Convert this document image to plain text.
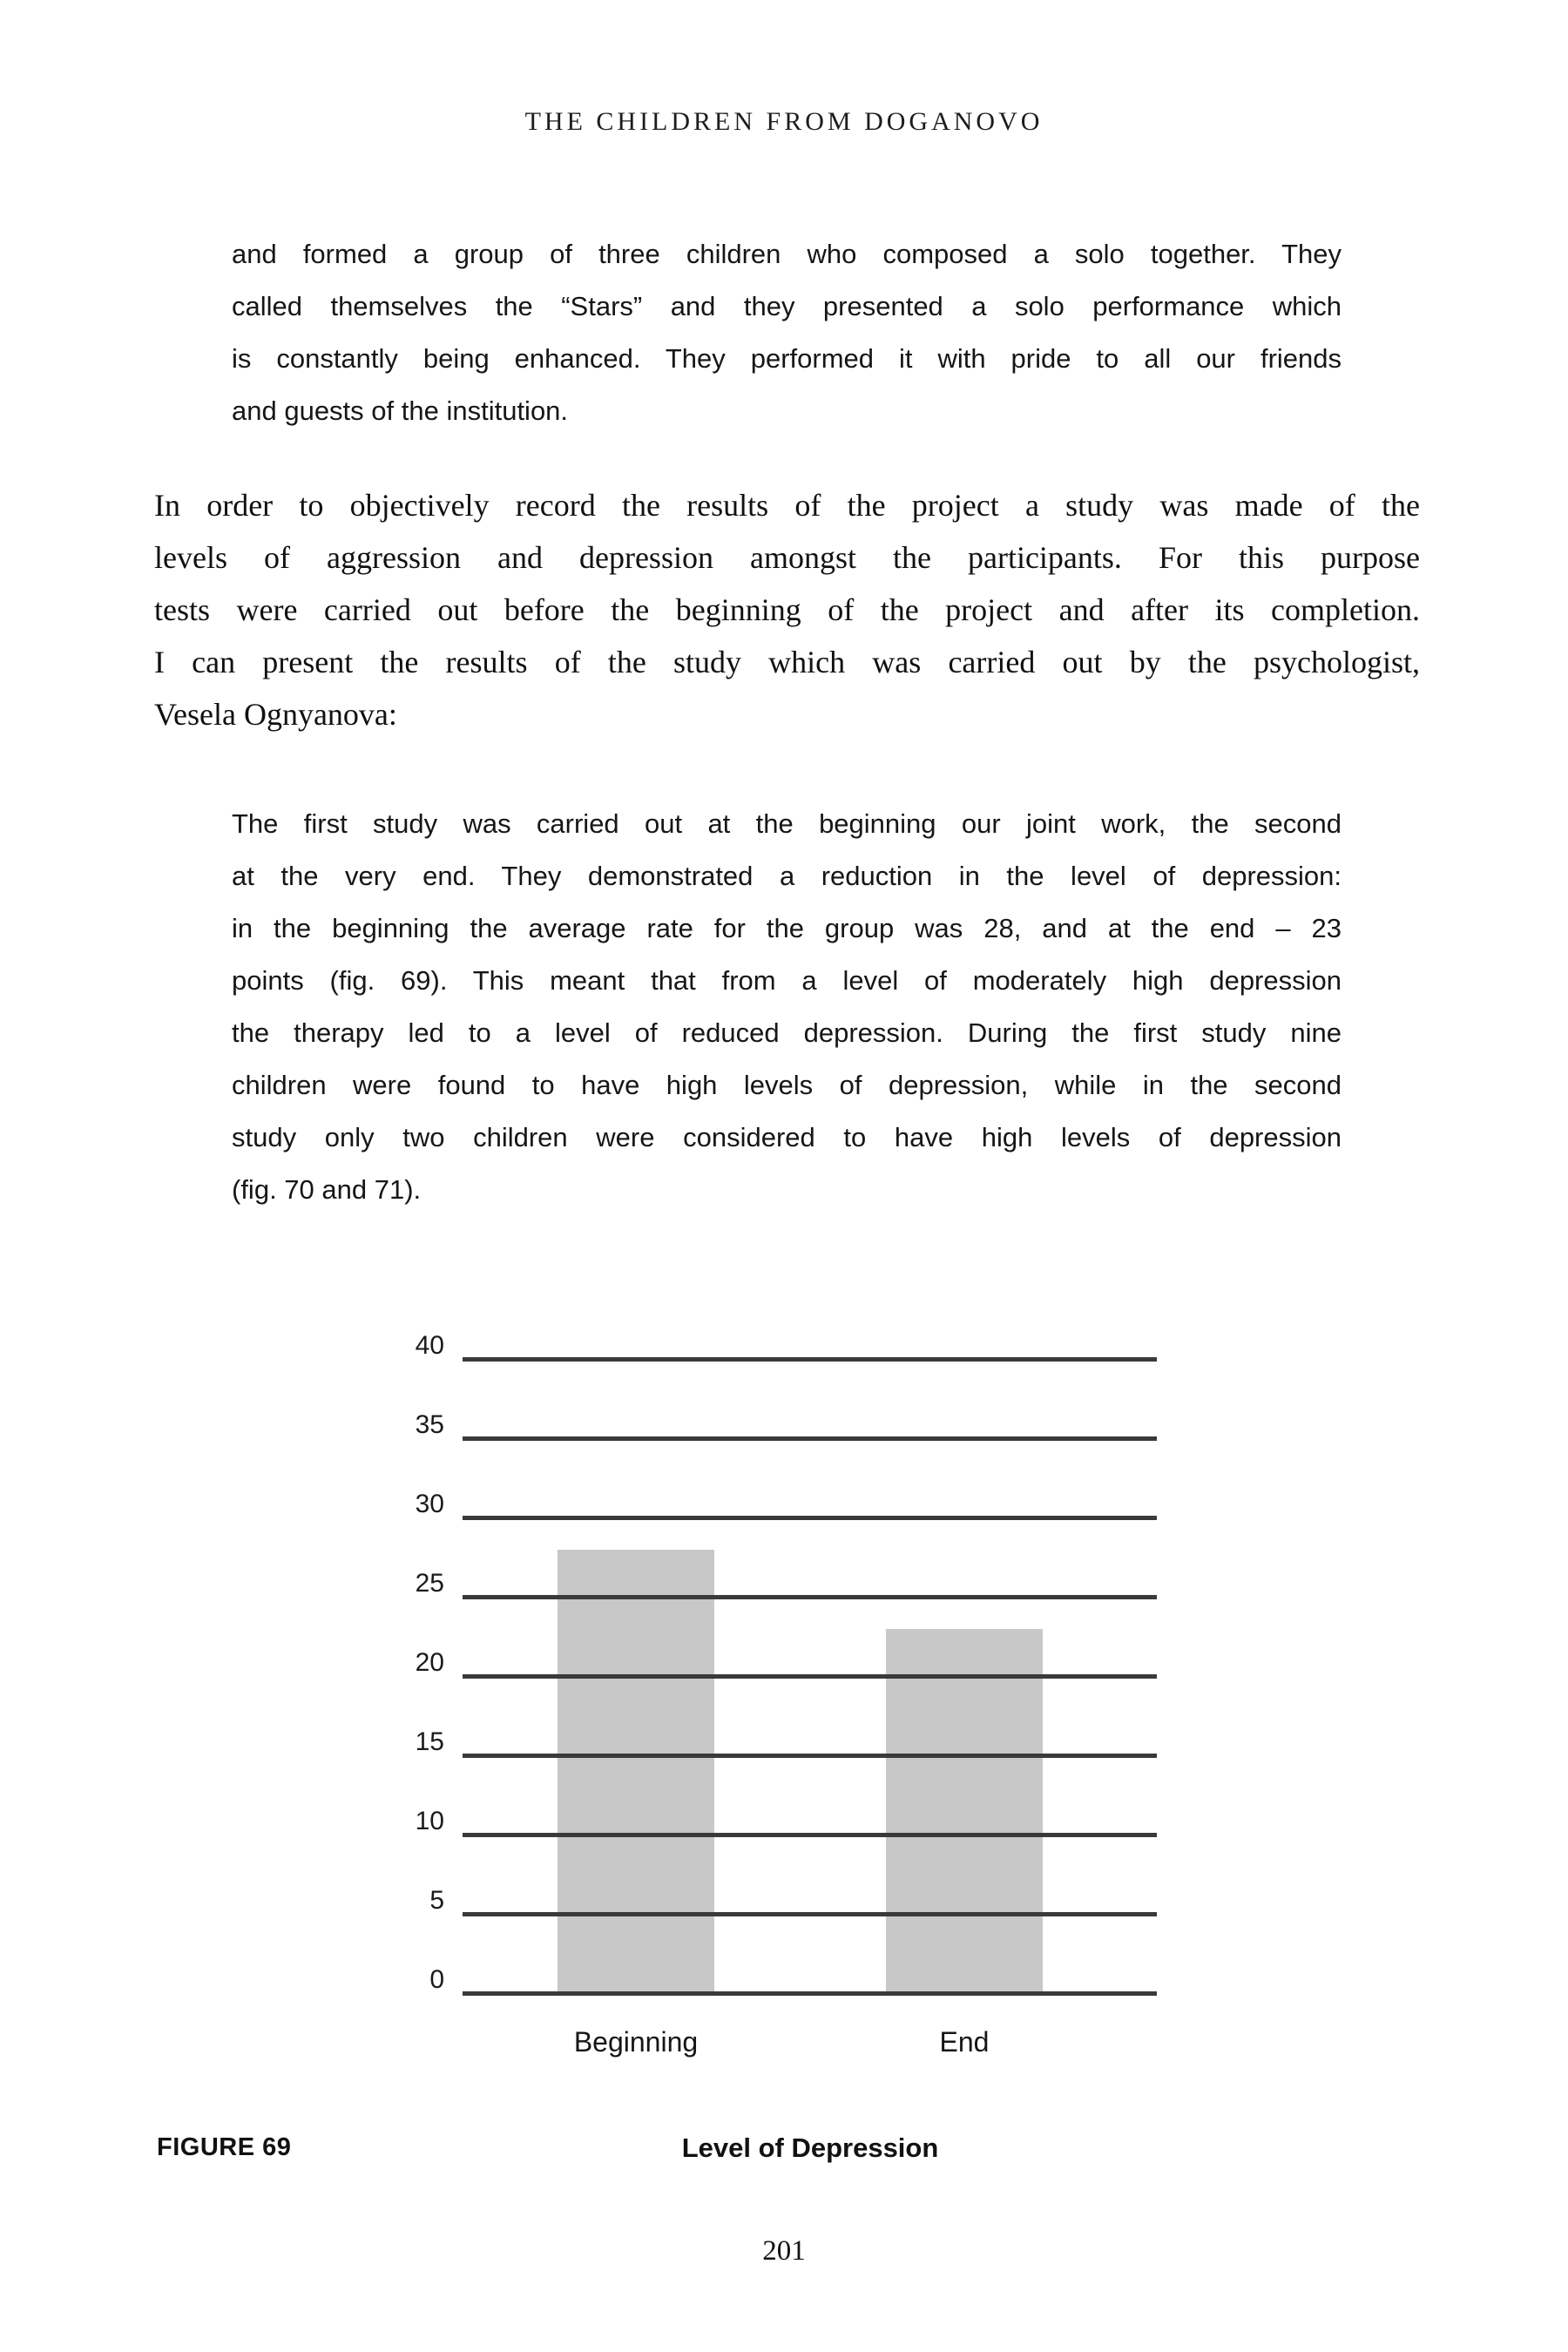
THE CHILDREN FROM DOGANOVO
and formed a group of three children who composed a solo together. They
called themselves the “Stars” and they presented a solo performance which
is constantly being enhanced. They performed it with pride to all our friends
and guests of the institution.
In order to objectively record the results of the project a study was made of the
levels of aggression and depression amongst the participants. For this purpose
tests were carried out before the beginning of the project and after its completion.
I can present the results of the study which was carried out by the psychologist,
Vesela Ognyanova:
The first study was carried out at the beginning our joint work, the second
at the very end. They demonstrated a reduction in the level of depression:
in the beginning the average rate for the group was 28, and at the end – 23
points (fig. 69). This meant that from a level of moderately high depression
the therapy led to a level of reduced depression. During the first study nine
children were found to have high levels of depression, while in the second
study only two children were considered to have high levels of depression
(fig. 70 and 71).
40
35
30
25
20
15
10
5
0
Beginning	End
FIGURE 69	Level of Depression
201
